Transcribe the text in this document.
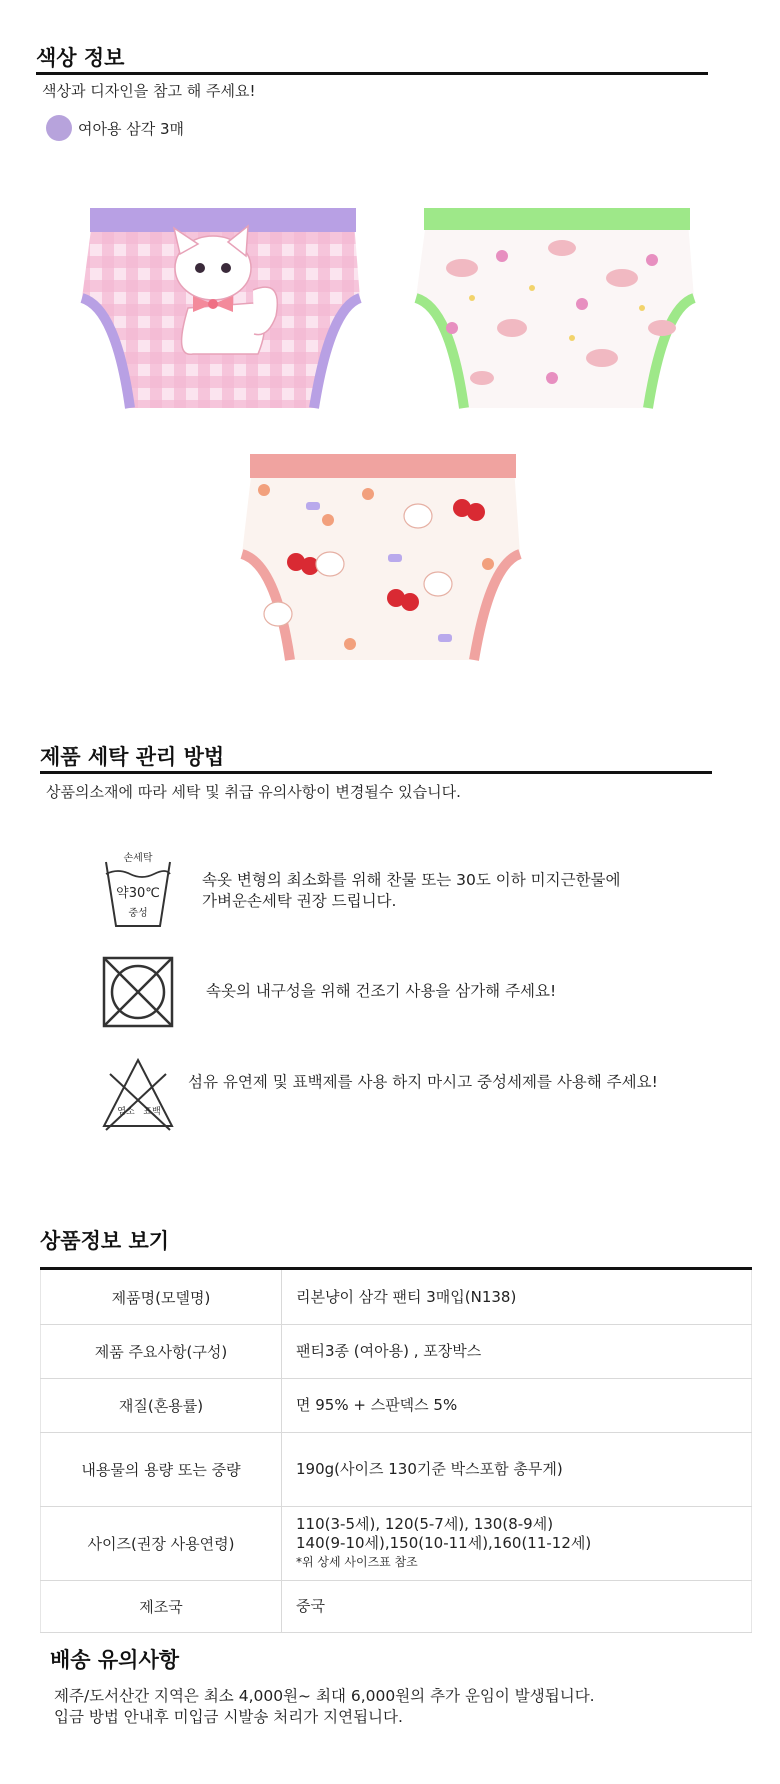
색상 정보
색상과 디자인을 참고 해 주세요!
여아용 삼각 3매
제품 세탁 관리 방법
상품의소재에 따라 세탁 및 취급 유의사항이 변경될수 있습니다.
손세탁
약30℃
중성
속옷 변형의 최소화를 위해 찬물 또는 30도 이하 미지근한물에
가벼운손세탁 권장 드립니다.
속옷의 내구성을 위해 건조기 사용을 삼가해 주세요!
염소 표백
섬유 유연제 및 표백제를 사용 하지 마시고 중성세제를 사용해 주세요!
상품정보 보기
제품명(모델명)	리본냥이 삼각 팬티 3매입(N138)
제품 주요사항(구성)	팬티3종 (여아용) , 포장박스
재질(혼용률)	면 95% + 스판덱스 5%
내용물의 용량 또는 중량	190g(사이즈 130기준 박스포함 총무게)
사이즈(권장 사용연령)	110(3-5세), 120(5-7세), 130(8-9세)
140(9-10세),150(10-11세),160(11-12세)
*위 상세 사이즈표 참조

제조국	중국
배송 유의사항
제주/도서산간 지역은 최소 4,000원~ 최대 6,000원의 추가 운임이 발생됩니다.
입금 방법 안내후 미입금 시발송 처리가 지연됩니다.
